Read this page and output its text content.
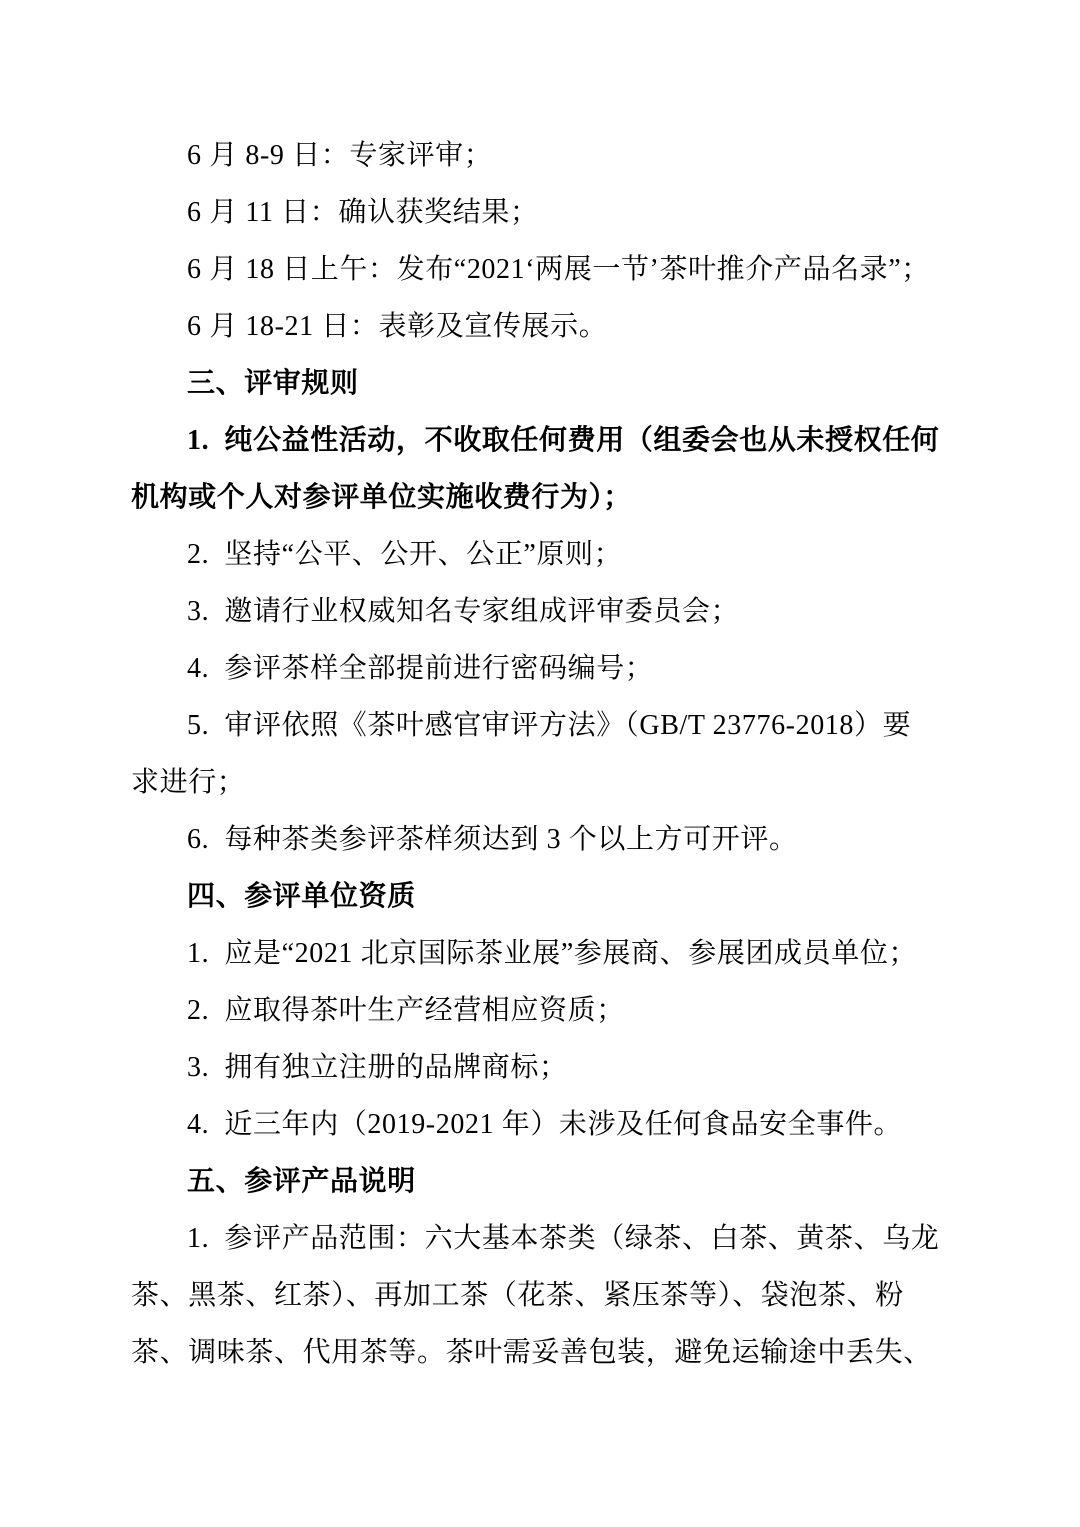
6 月 8-9 日：专家评审；
6 月 11 日：确认获奖结果；
6 月 18 日上午：发布“2021‘两展一节’茶叶推介产品名录”；
6 月 18-21 日：表彰及宣传展示。
三、评审规则
1.  纯公益性活动，不收取任何费用（组委会也从未授权任何
机构或个人对参评单位实施收费行为）；
2.  坚持“公平、公开、公正”原则；
3.  邀请行业权威知名专家组成评审委员会；
4.  参评茶样全部提前进行密码编号；
5.  审评依照《茶叶感官审评方法》（GB/T 23776-2018）要
求进行；
6.  每种茶类参评茶样须达到 3 个以上方可开评。
四、参评单位资质
1.  应是“2021 北京国际茶业展”参展商、参展团成员单位；
2.  应取得茶叶生产经营相应资质；
3.  拥有独立注册的品牌商标；
4.  近三年内（2019-2021 年）未涉及任何食品安全事件。
五、参评产品说明
1.  参评产品范围：六大基本茶类（绿茶、白茶、黄茶、乌龙
茶、黑茶、红茶）、再加工茶（花茶、紧压茶等）、袋泡茶、粉
茶、调味茶、代用茶等。茶叶需妥善包装，避免运输途中丢失、
